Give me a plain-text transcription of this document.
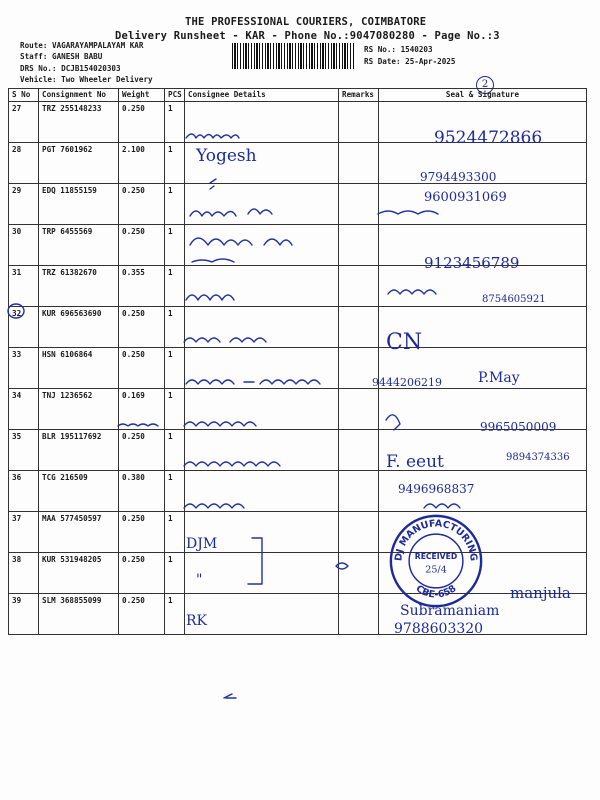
THE PROFESSIONAL COURIERS, COIMBATORE
Delivery Runsheet - KAR - Phone No.:9047080280 - Page No.:3
Route: VAGARAYAMPALAYAM KAR
Staff: GANESH BABU
DRS No.: DCJB154020303
Vehicle: Two Wheeler Delivery
RS No.: 1540203
RS Date: 25-Apr-2025
2
S No	Consignment No	Weight	PCS	Consignee Details	Remarks	Seal & Signature
27	TRZ 255148233	0.250	1			
28	PGT 7601962	2.100	1			
29	EDQ 11855159	0.250	1			
30	TRP 6455569	0.250	1			
31	TRZ 61382670	0.355	1			
32	KUR 696563690	0.250	1			
33	HSN 6106864	0.250	1			
34	TNJ 1236562	0.169	1			
35	BLR 195117692	0.250	1			
36	TCG 216509	0.380	1			
37	MAA 577450597	0.250	1			
38	KUR 531948205	0.250	1			
39	SLM 368855099	0.250	1			
Yogesh
DJM
"
RK
9524472866
9794493300
9600931069
9123456789
8754605921
CN
9444206219	P.May
9965050009
F. eeut	9894374336
9496968837
manjula
Subramaniam
9788603320
DJ MANUFACTURING
CBE-658
RECEIVED
25/4
